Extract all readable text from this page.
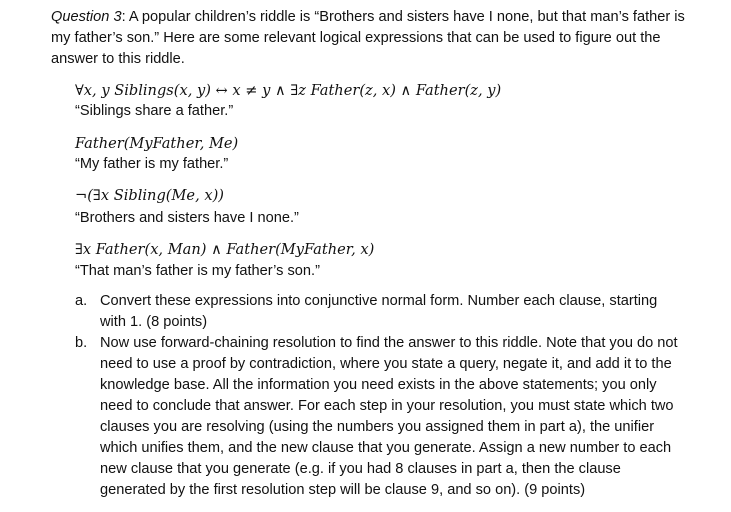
Question 3: A popular children’s riddle is “Brothers and sisters have I none, but that man’s father is my father’s son.” Here are some relevant logical expressions that can be used to figure out the answer to this riddle.

∀x, y Siblings(x, y) ↔ x ≠ y ∧ ∃z Father(z, x) ∧ Father(z, y)
“Siblings share a father.”
Father(MyFather, Me)
“My father is my father.”
¬(∃x Sibling(Me, x))
“Brothers and sisters have I none.”
∃x Father(x, Man) ∧ Father(MyFather, x)
“That man’s father is my father’s son.”
a. Convert these expressions into conjunctive normal form. Number each clause, starting with 1. (8 points)
b. Now use forward-chaining resolution to find the answer to this riddle. Note that you do not need to use a proof by contradiction, where you state a query, negate it, and add it to the knowledge base. All the information you need exists in the above statements; you only need to conclude that answer. For each step in your resolution, you must state which two clauses you are resolving (using the numbers you assigned them in part a), the unifier which unifies them, and the new clause that you generate. Assign a new number to each new clause that you generate (e.g. if you had 8 clauses in part a, then the clause generated by the first resolution step will be clause 9, and so on). (9 points)
